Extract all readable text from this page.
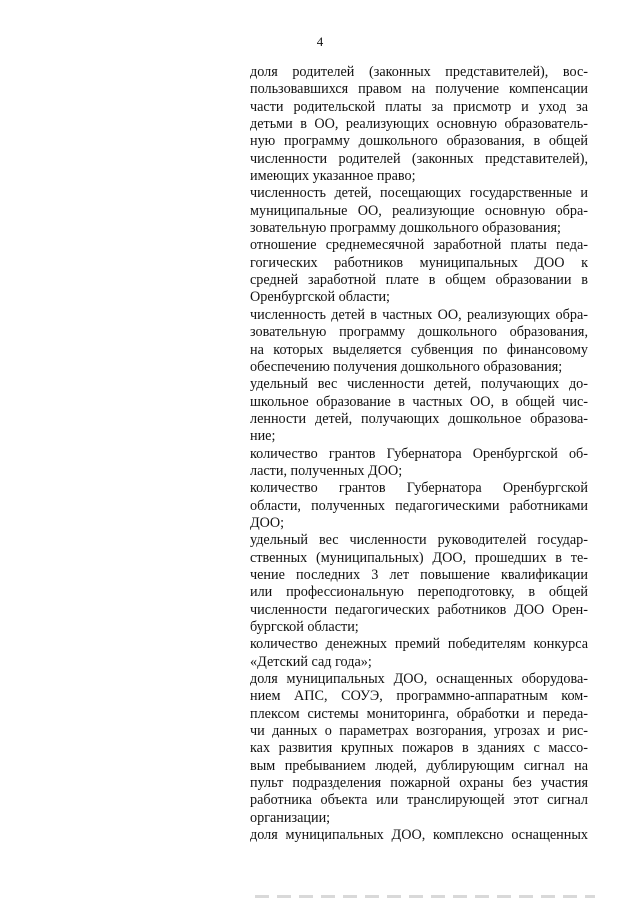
4
доля родителей (законных представителей), вос-
пользовавшихся правом на получение компенсации
части родительской платы за присмотр и уход за
детьми в ОО, реализующих основную образователь-
ную программу дошкольного образования, в общей
численности родителей (законных представителей),
имеющих указанное право;
численность детей, посещающих государственные и
муниципальные ОО, реализующие основную обра-
зовательную программу дошкольного образования;
отношение среднемесячной заработной платы педа-
гогических работников муниципальных ДОО к
средней заработной плате в общем образовании в
Оренбургской области;
численность детей в частных ОО, реализующих обра-
зовательную программу дошкольного образования,
на которых выделяется субвенция по финансовому
обеспечению получения дошкольного образования;
удельный вес численности детей, получающих до-
школьное образование в частных ОО, в общей чис-
ленности детей, получающих дошкольное образова-
ние;
количество грантов Губернатора Оренбургской об-
ласти, полученных ДОО;
количество грантов Губернатора Оренбургской
области, полученных педагогическими работниками
ДОО;
удельный вес численности руководителей государ-
ственных (муниципальных) ДОО, прошедших в те-
чение последних 3 лет повышение квалификации
или профессиональную переподготовку, в общей
численности педагогических работников ДОО Орен-
бургской области;
количество денежных премий победителям конкурса
«Детский сад года»;
доля муниципальных ДОО, оснащенных оборудова-
нием АПС, СОУЭ, программно-аппаратным ком-
плексом системы мониторинга, обработки и переда-
чи данных о параметрах возгорания, угрозах и рис-
ках развития крупных пожаров в зданиях с массо-
вым пребыванием людей, дублирующим сигнал на
пульт подразделения пожарной охраны без участия
работника объекта или транслирующей этот сигнал
организации;
доля муниципальных ДОО, комплексно оснащенных
